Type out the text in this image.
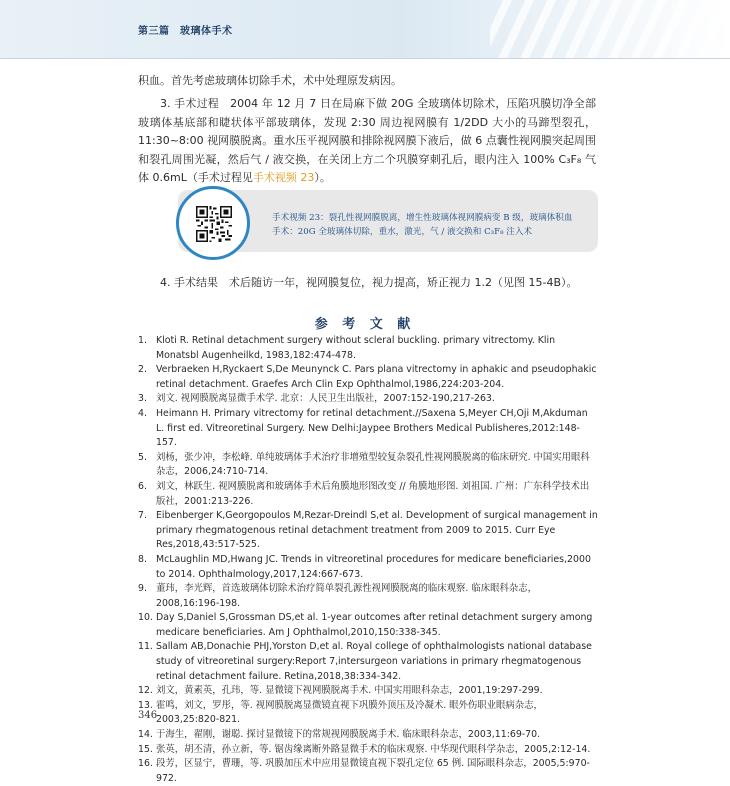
第三篇　玻璃体手术

积血。首先考虑玻璃体切除手术，术中处理原发病因。

3. 手术过程　2004 年 12 月 7 日在局麻下做 20G 全玻璃体切除术，压陷巩膜切净全部玻璃体基底部和睫状体平部玻璃体，发现 2:30 周边视网膜有 1/2DD 大小的马蹄型裂孔，11:30~8:00 视网膜脱离。重水压平视网膜和排除视网膜下液后，做 6 点囊性视网膜突起周围和裂孔周围光凝，然后气 / 液交换，在关闭上方二个巩膜穿刺孔后，眼内注入 100% C₃F₈ 气体 0.6mL（手术过程见手术视频 23）。

手术视频 23：裂孔性视网膜脱离，增生性玻璃体视网膜病变 B 级，玻璃体积血
手术：20G 全玻璃体切除，重水，激光，气 / 液交换和 C₃F₈ 注入术

4. 手术结果　术后随访一年，视网膜复位，视力提高，矫正视力 1.2（见图 15-4B）。

参 考 文 献
1. Kloti R. Retinal detachment surgery without scleral buckling. primary vitrectomy. Klin Monatsbl Augenheilkd, 1983,182:474-478.
2. Verbraeken H,Ryckaert S,De Meunynck C. Pars plana vitrectomy in aphakic and pseudophakic retinal detachment. Graefes Arch Clin Exp Ophthalmol,1986,224:203-204.
3. 刘文. 视网膜脱离显微手术学. 北京：人民卫生出版社，2007:152-190,217-263.
4. Heimann H. Primary vitrectomy for retinal detachment.//Saxena S,Meyer CH,Oji M,Akduman L. first ed. Vitreoretinal Surgery. New Delhi:Jaypee Brothers Medical Publisheres,2012:148-157.
5. 刘杨，张少冲，李松峰. 单纯玻璃体手术治疗非增殖型较复杂裂孔性视网膜脱离的临床研究. 中国实用眼科杂志，2006,24:710-714.
6. 刘文，林跃生. 视网膜脱离和玻璃体手术后角膜地形图改变 // 角膜地形图. 刘祖国. 广州：广东科学技术出版社，2001:213-226.
7. Eibenberger K,Georgopoulos M,Rezar-Dreindl S,et al. Development of surgical management in primary rhegmatogenous retinal detachment treatment from 2009 to 2015. Curr Eye Res,2018,43:517-525.
8. McLaughlin MD,Hwang JC. Trends in vitreoretinal procedures for medicare beneficiaries,2000 to 2014. Ophthalmology,2017,124:667-673.
9. 董玮，李光辉，首选玻璃体切除术治疗简单裂孔源性视网膜脱离的临床观察. 临床眼科杂志，2008,16:196-198.
10. Day S,Daniel S,Grossman DS,et al. 1-year outcomes after retinal detachment surgery among medicare beneficiaries. Am J Ophthalmol,2010,150:338-345.
11. Sallam AB,Donachie PHJ,Yorston D,et al. Royal college of ophthalmologists national database study of vitreoretinal surgery:Report 7,intersurgeon variations in primary rhegmatogenous retinal detachment failure. Retina,2018,38:334-342.
12. 刘文，黄素英，孔玮，等. 显微镜下视网膜脱离手术. 中国实用眼科杂志，2001,19:297-299.
13. 霍鸣，刘文，罗彤，等. 视网膜脱离显微镜直视下巩膜外顶压及冷凝术. 眼外伤职业眼病杂志，2003,25:820-821.
14. 于海生，翟刚，谢聪. 探讨显微镜下的常规视网膜脱离手术. 临床眼科杂志，2003,11:69-70.
15. 张英，胡丕清，孙立新，等. 锯齿缘离断外路显微手术的临床观察. 中华现代眼科学杂志，2005,2:12-14.
16. 段芳，区显宁，曹珊，等. 巩膜加压术中应用显微镜直视下裂孔定位 65 例. 国际眼科杂志，2005,5:970-972.
346
